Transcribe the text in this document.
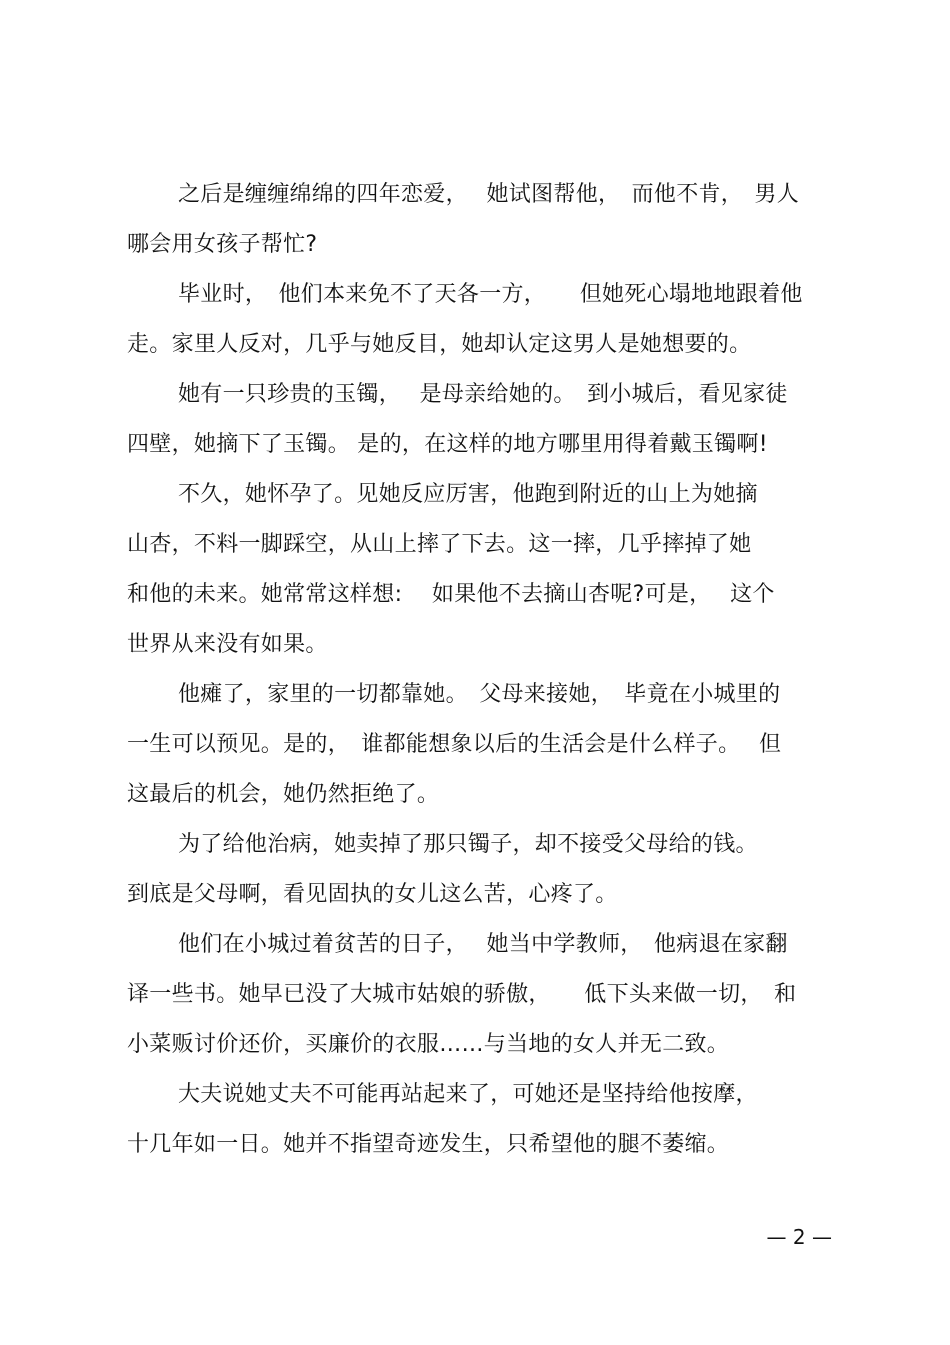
之后是缠缠绵绵的四年恋爱，　 她试图帮他，　而他不肯，　男人
哪会用女孩子帮忙?
毕业时，　他们本来免不了天各一方，　　但她死心塌地地跟着他
走。家里人反对，几乎与她反目，她却认定这男人是她想要的。
她有一只珍贵的玉镯，　 是母亲给她的。　到小城后，看见家徒
四壁，她摘下了玉镯。 是的，在这样的地方哪里用得着戴玉镯啊!
不久，她怀孕了。见她反应厉害，他跑到附近的山上为她摘
山杏，不料一脚踩空，从山上摔了下去。这一摔，几乎摔掉了她
和他的未来。她常常这样想:　 如果他不去摘山杏呢?可是，　 这个
世界从来没有如果。
他瘫了，家里的一切都靠她。　父母来接她，　毕竟在小城里的
一生可以预见。是的，　谁都能想象以后的生活会是什么样子。　 但
这最后的机会，她仍然拒绝了。
为了给他治病，她卖掉了那只镯子，却不接受父母给的钱。
到底是父母啊，看见固执的女儿这么苦，心疼了。
他们在小城过着贫苦的日子，　 她当中学教师，　他病退在家翻
译一些书。她早已没了大城市姑娘的骄傲，　　低下头来做一切，　和
小菜贩讨价还价，买廉价的衣服……与当地的女人并无二致。
大夫说她丈夫不可能再站起来了，可她还是坚持给他按摩，
十几年如一日。她并不指望奇迹发生，只希望他的腿不萎缩。
— 2 —
